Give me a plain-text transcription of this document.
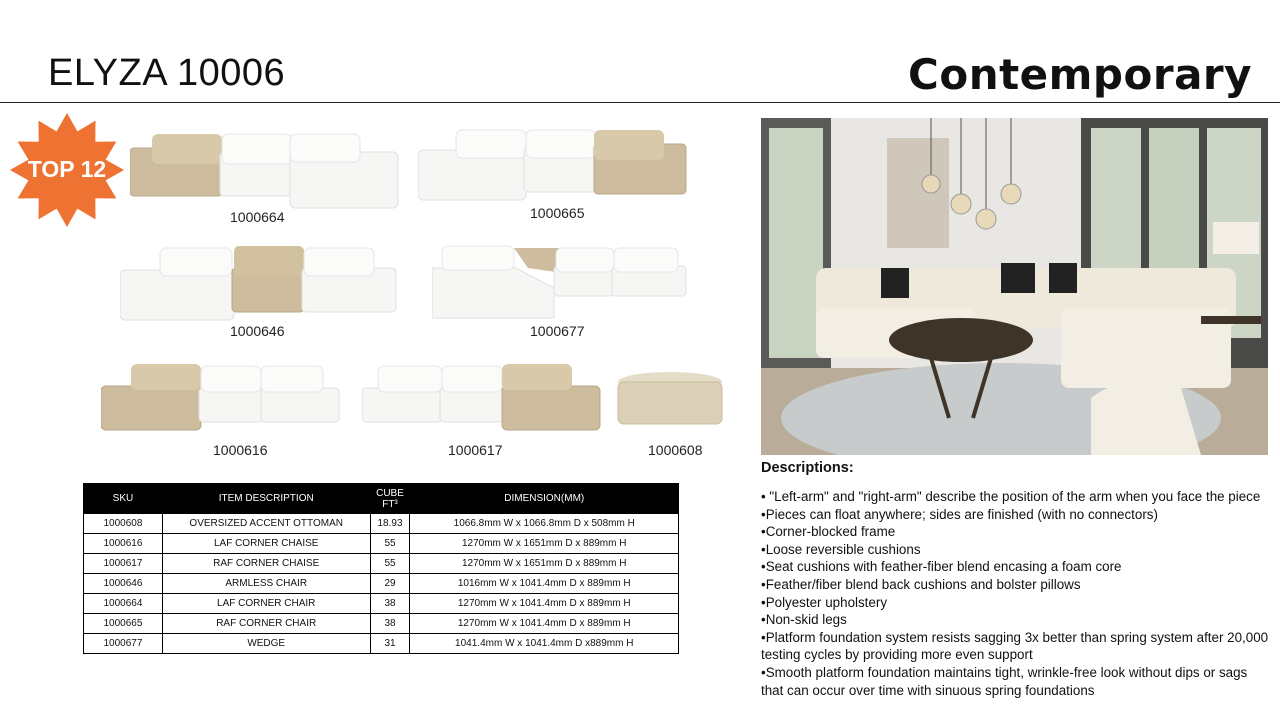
ELYZA 10006	Contemporary
TOP 12
1000664	1000665
1000646	1000677
1000616	1000617	1000608
SKU	ITEM DESCRIPTION	CUBE FT³	DIMENSION(MM)
1000608	OVERSIZED ACCENT OTTOMAN	18.93	1066.8mm W x 1066.8mm D x 508mm H
1000616	LAF CORNER CHAISE	55	1270mm W x 1651mm D x 889mm H
1000617	RAF CORNER CHAISE	55	1270mm W x 1651mm D x 889mm H
1000646	ARMLESS CHAIR	29	1016mm W x 1041.4mm D x 889mm H
1000664	LAF CORNER CHAIR	38	1270mm W x 1041.4mm D x 889mm H
1000665	RAF CORNER CHAIR	38	1270mm W x 1041.4mm D x 889mm H
1000677	WEDGE	31	1041.4mm W x 1041.4mm D x889mm H
Descriptions:
• "Left-arm" and "right-arm" describe the position of the arm when you face the piece
•Pieces can float anywhere; sides are finished (with no connectors)
•Corner-blocked frame
•Loose reversible cushions
•Seat cushions with feather-fiber blend encasing a foam core
•Feather/fiber blend back cushions and bolster pillows
•Polyester upholstery
•Non-skid legs
•Platform foundation system resists sagging 3x better than spring system after 20,000 testing cycles by providing more even support
•Smooth platform foundation maintains tight, wrinkle-free look without dips or sags that can occur over time with sinuous spring foundations
